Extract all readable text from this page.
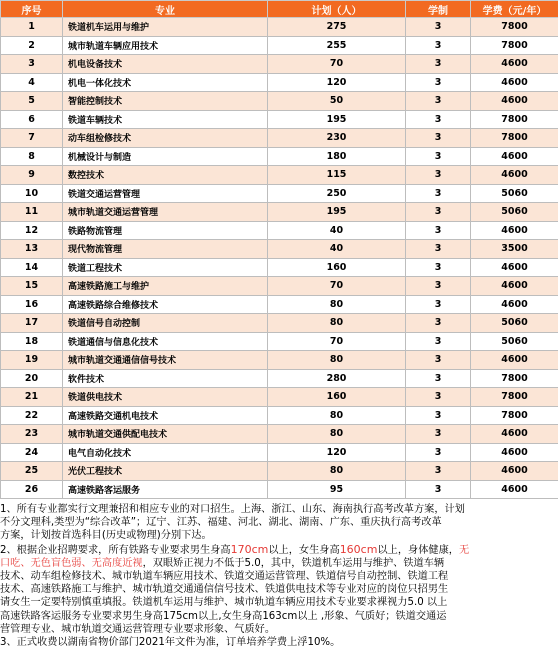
序号	专业	计划（人）	学制	学费（元/年）
1	铁道机车运用与维护	275	3	7800
2	城市轨道车辆应用技术	255	3	7800
3	机电设备技术	70	3	4600
4	机电一体化技术	120	3	4600
5	智能控制技术	50	3	4600
6	铁道车辆技术	195	3	7800
7	动车组检修技术	230	3	7800
8	机械设计与制造	180	3	4600
9	数控技术	115	3	4600
10	铁道交通运营管理	250	3	5060
11	城市轨道交通运营管理	195	3	5060
12	铁路物流管理	40	3	4600
13	现代物流管理	40	3	3500
14	铁道工程技术	160	3	4600
15	高速铁路施工与维护	70	3	4600
16	高速铁路综合维修技术	80	3	4600
17	铁道信号自动控制	80	3	5060
18	铁道通信与信息化技术	70	3	5060
19	城市轨道交通通信信号技术	80	3	4600
20	软件技术	280	3	7800
21	铁道供电技术	160	3	7800
22	高速铁路交通机电技术	80	3	7800
23	城市轨道交通供配电技术	80	3	4600
24	电气自动化技术	120	3	4600
25	光伏工程技术	80	3	4600
26	高速铁路客运服务	95	3	4600
1、所有专业都实行文理兼招和相应专业的对口招生。上海、浙江、山东、海南执行高考改革方案，计划
不分文理科,类型为“综合改革”；辽宁、江苏、福建、河北、湖北、湖南、广东、重庆执行高考改革
方案，计划按首选科目(历史或物理)分别下达。
2、根据企业招聘要求，所有铁路专业要求男生身高170cm以上，女生身高160cm以上，身体健康，无
口吃、无色盲色弱、无高度近视，双眼矫正视力不低于5.0，其中，铁道机车运用与维护、铁道车辆
技术、动车组检修技术、城市轨道车辆应用技术、铁道交通运营管理、铁道信号自动控制、铁道工程
技术、高速铁路施工与维护、城市轨道交通通信信号技术、铁道供电技术等专业对应的岗位只招男生
请女生一定要特别慎重填报。铁道机车运用与维护、城市轨道车辆应用技术专业要求裸视力5.0 以上
高速铁路客运服务专业要求男生身高175cm以上,女生身高163cm以上 ,形象、气质好；铁道交通运
营管理专业、城市轨道交通运营管理专业要求形象、气质好。
3、正式收费以湖南省物价部门2021年文件为准，订单培养学费上浮10%。
